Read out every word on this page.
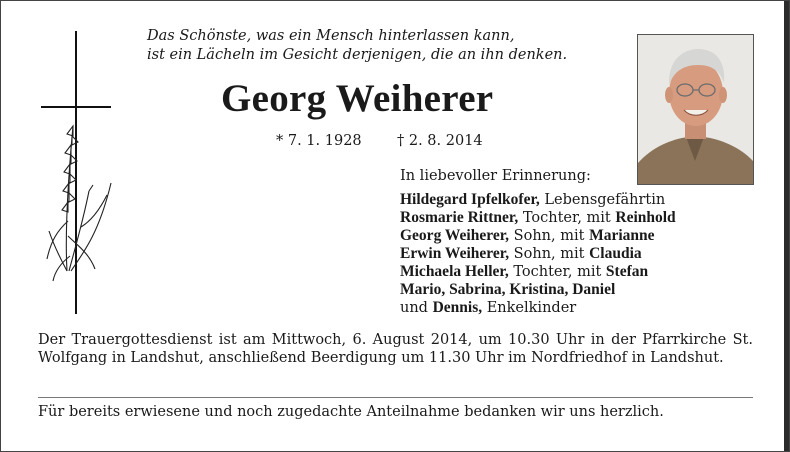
Das Schönste, was ein Mensch hinterlassen kann,
ist ein Lächeln im Gesicht derjenigen, die an ihn denken.
Georg Weiherer
* 7. 1. 1928 † 2. 8. 2014
In liebevoller Erinnerung:
Hildegard Ipfelkofer, Lebensgefährtin
Rosmarie Rittner, Tochter, mit Reinhold
Georg Weiherer, Sohn, mit Marianne
Erwin Weiherer, Sohn, mit Claudia
Michaela Heller, Tochter, mit Stefan
Mario, Sabrina, Kristina, Daniel
und Dennis, Enkelkinder
Der Trauergottesdienst ist am Mittwoch, 6. August 2014, um 10.30 Uhr in der Pfarrkirche St. Wolfgang in Landshut, anschließend Beerdigung um 11.30 Uhr im Nordfriedhof in Landshut.
Für bereits erwiesene und noch zugedachte Anteilnahme bedanken wir uns herzlich.
